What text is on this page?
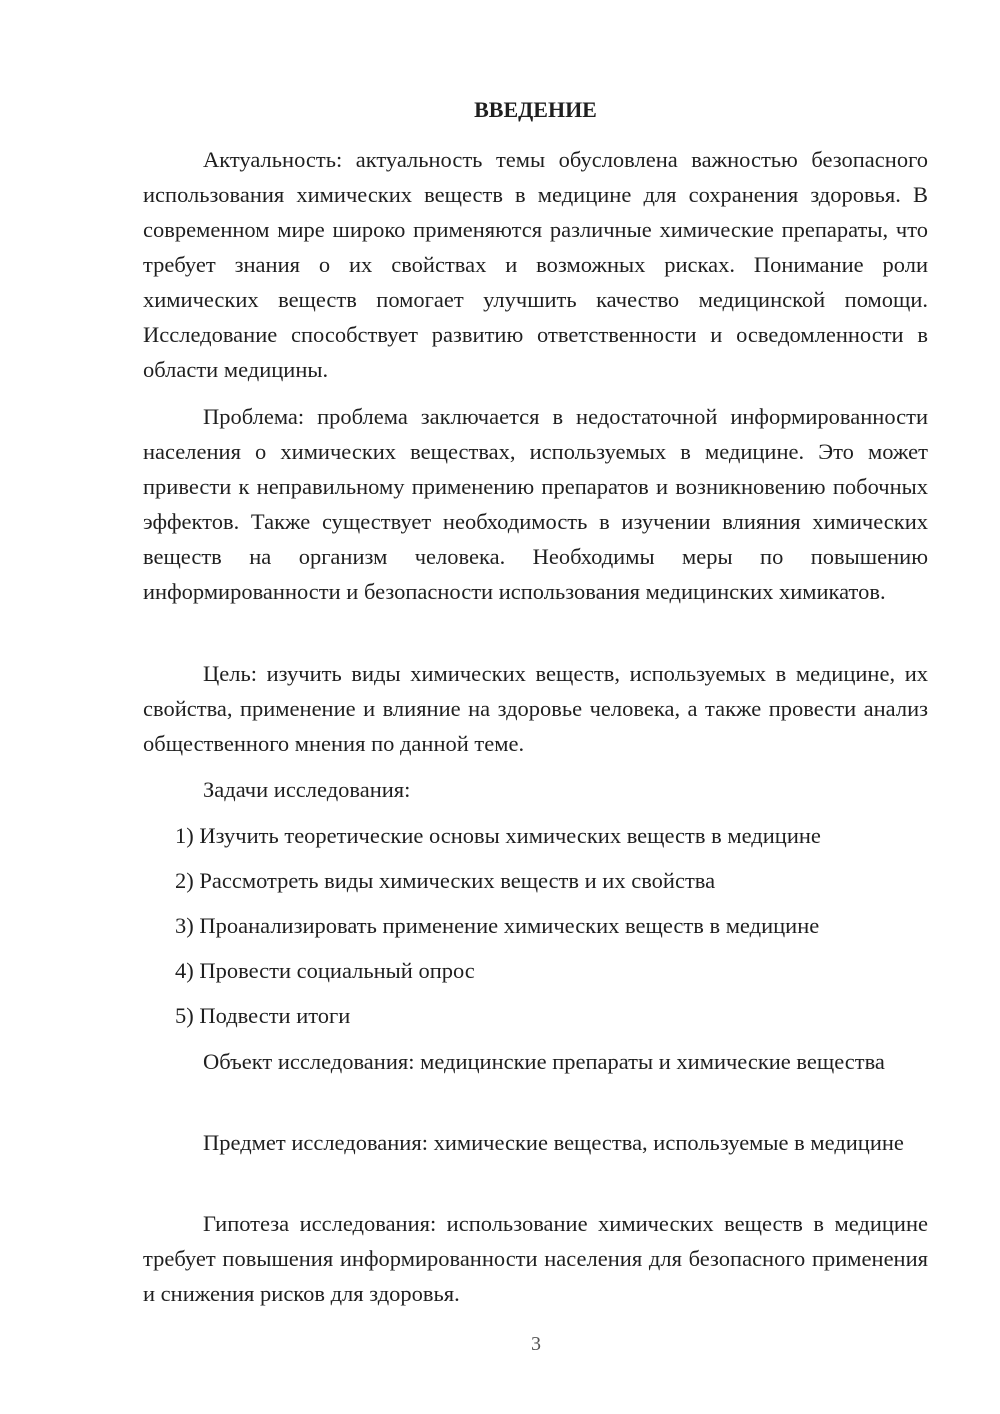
ВВЕДЕНИЕ

Актуальность: актуальность темы обусловлена важностью безопасного использования химических веществ в медицине для сохранения здоровья. В современном мире широко применяются различные химические препараты, что требует знания о их свойствах и возможных рисках. Понимание роли химических веществ помогает улучшить качество медицинской помощи. Исследование способствует развитию ответственности и осведомленности в области медицины.

Проблема: проблема заключается в недостаточной информированности населения о химических веществах, используемых в медицине. Это может привести к неправильному применению препаратов и возникновению побочных эффектов. Также существует необходимость в изучении влияния химических веществ на организм человека. Необходимы меры по повышению информированности и безопасности использования медицинских химикатов.

Цель: изучить виды химических веществ, используемых в медицине, их свойства, применение и влияние на здоровье человека, а также провести анализ общественного мнения по данной теме.

Задачи исследования:

1) Изучить теоретические основы химических веществ в медицине
2) Рассмотреть виды химических веществ и их свойства
3) Проанализировать применение химических веществ в медицине
4) Провести социальный опрос
5) Подвести итоги

Объект исследования: медицинские препараты и химические вещества

Предмет исследования: химические вещества, используемые в медицине

Гипотеза исследования: использование химических веществ в медицине требует повышения информированности населения для безопасного применения и снижения рисков для здоровья.

3
